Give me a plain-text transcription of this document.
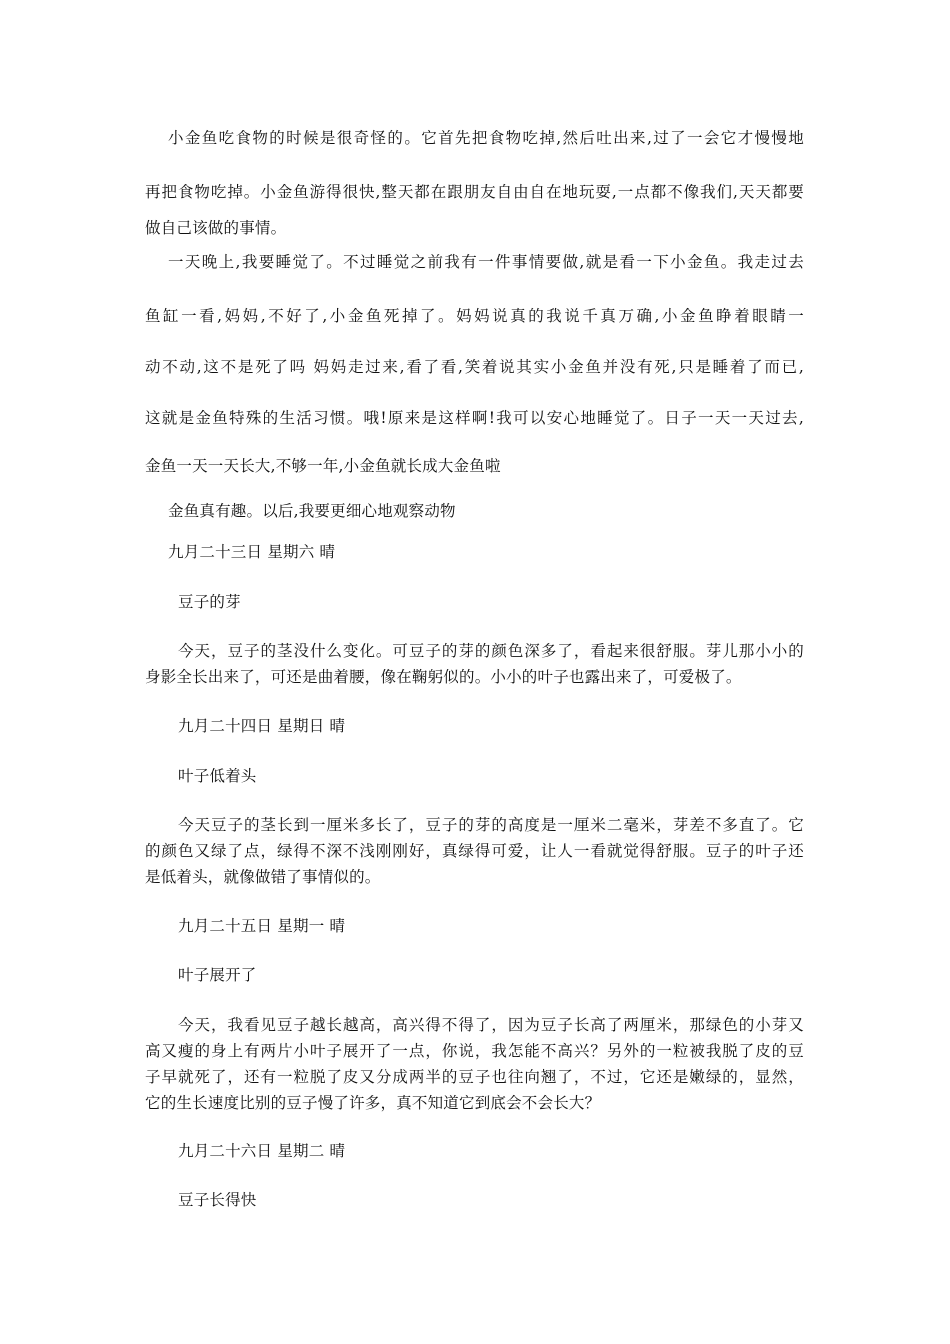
小金鱼吃食物的时候是很奇怪的。它首先把食物吃掉,然后吐出来,过了一会它才慢慢地
再把食物吃掉。小金鱼游得很快,整天都在跟朋友自由自在地玩耍,一点都不像我们,天天都要
做自己该做的事情。
一天晚上,我要睡觉了。不过睡觉之前我有一件事情要做,就是看一下小金鱼。我走过去
鱼缸一看,妈妈,不好了,小金鱼死掉了。妈妈说真的我说千真万确,小金鱼睁着眼睛一
动不动,这不是死了吗 妈妈走过来,看了看,笑着说其实小金鱼并没有死,只是睡着了而已,
这就是金鱼特殊的生活习惯。哦!原来是这样啊!我可以安心地睡觉了。日子一天一天过去,
金鱼一天一天长大,不够一年,小金鱼就长成大金鱼啦
金鱼真有趣。以后,我要更细心地观察动物
九月二十三日 星期六 晴
豆子的芽
今天，豆子的茎没什么变化。可豆子的芽的颜色深多了，看起来很舒服。芽儿那小小的
身影全长出来了，可还是曲着腰，像在鞠躬似的。小小的叶子也露出来了，可爱极了。
九月二十四日 星期日 晴
叶子低着头
今天豆子的茎长到一厘米多长了，豆子的芽的高度是一厘米二毫米，芽差不多直了。它
的颜色又绿了点，绿得不深不浅刚刚好，真绿得可爱，让人一看就觉得舒服。豆子的叶子还
是低着头，就像做错了事情似的。
九月二十五日 星期一 晴
叶子展开了
今天，我看见豆子越长越高，高兴得不得了，因为豆子长高了两厘米，那绿色的小芽又
高又瘦的身上有两片小叶子展开了一点，你说，我怎能不高兴？另外的一粒被我脱了皮的豆
子早就死了，还有一粒脱了皮又分成两半的豆子也往向翘了，不过，它还是嫩绿的，显然，
它的生长速度比别的豆子慢了许多，真不知道它到底会不会长大？
九月二十六日 星期二 晴
豆子长得快
